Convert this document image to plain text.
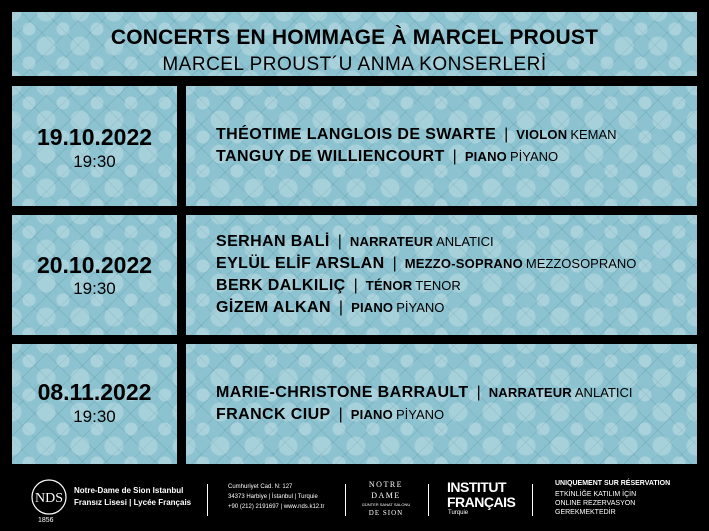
CONCERTS EN HOMMAGE À MARCEL PROUST
MARCEL PROUST´U ANMA KONSERLERİ
19.10.2022
19:30
THÉOTIME LANGLOIS DE SWARTE | VIOLON KEMAN
TANGUY DE WILLIENCOURT | PIANO PİYANO
20.10.2022
19:30
SERHAN BALİ | NARRATEUR ANLATICI
EYLÜL ELİF ARSLAN | MEZZO-SOPRANO MEZZOSOPRANO
BERK DALKILIÇ | TÉNOR TENOR
GİZEM ALKAN | PIANO PİYANO
08.11.2022
19:30
MARIE-CHRISTONE BARRAULT | NARRATEUR ANLATICI
FRANCK CIUP | PIANO PİYANO
NDS
1856
Notre-Dame de Sion Istanbul
Fransız Lisesi | Lycée Français
Cumhuriyet Cad. N: 127
34373 Harbiye | İstanbul | Turquie
+90 (212) 2191697 | www.nds.k12.tr
NOTRE
DAME
GÜNTER SANAT SALONU
DE SION
INSTITUT
FRANÇAIS
Turquie
UNIQUEMENT SUR RÉSERVATION
ETKİNLİĞE KATILIM İÇİN
ONLINE REZERVASYON
GEREKMEKTEDİR
